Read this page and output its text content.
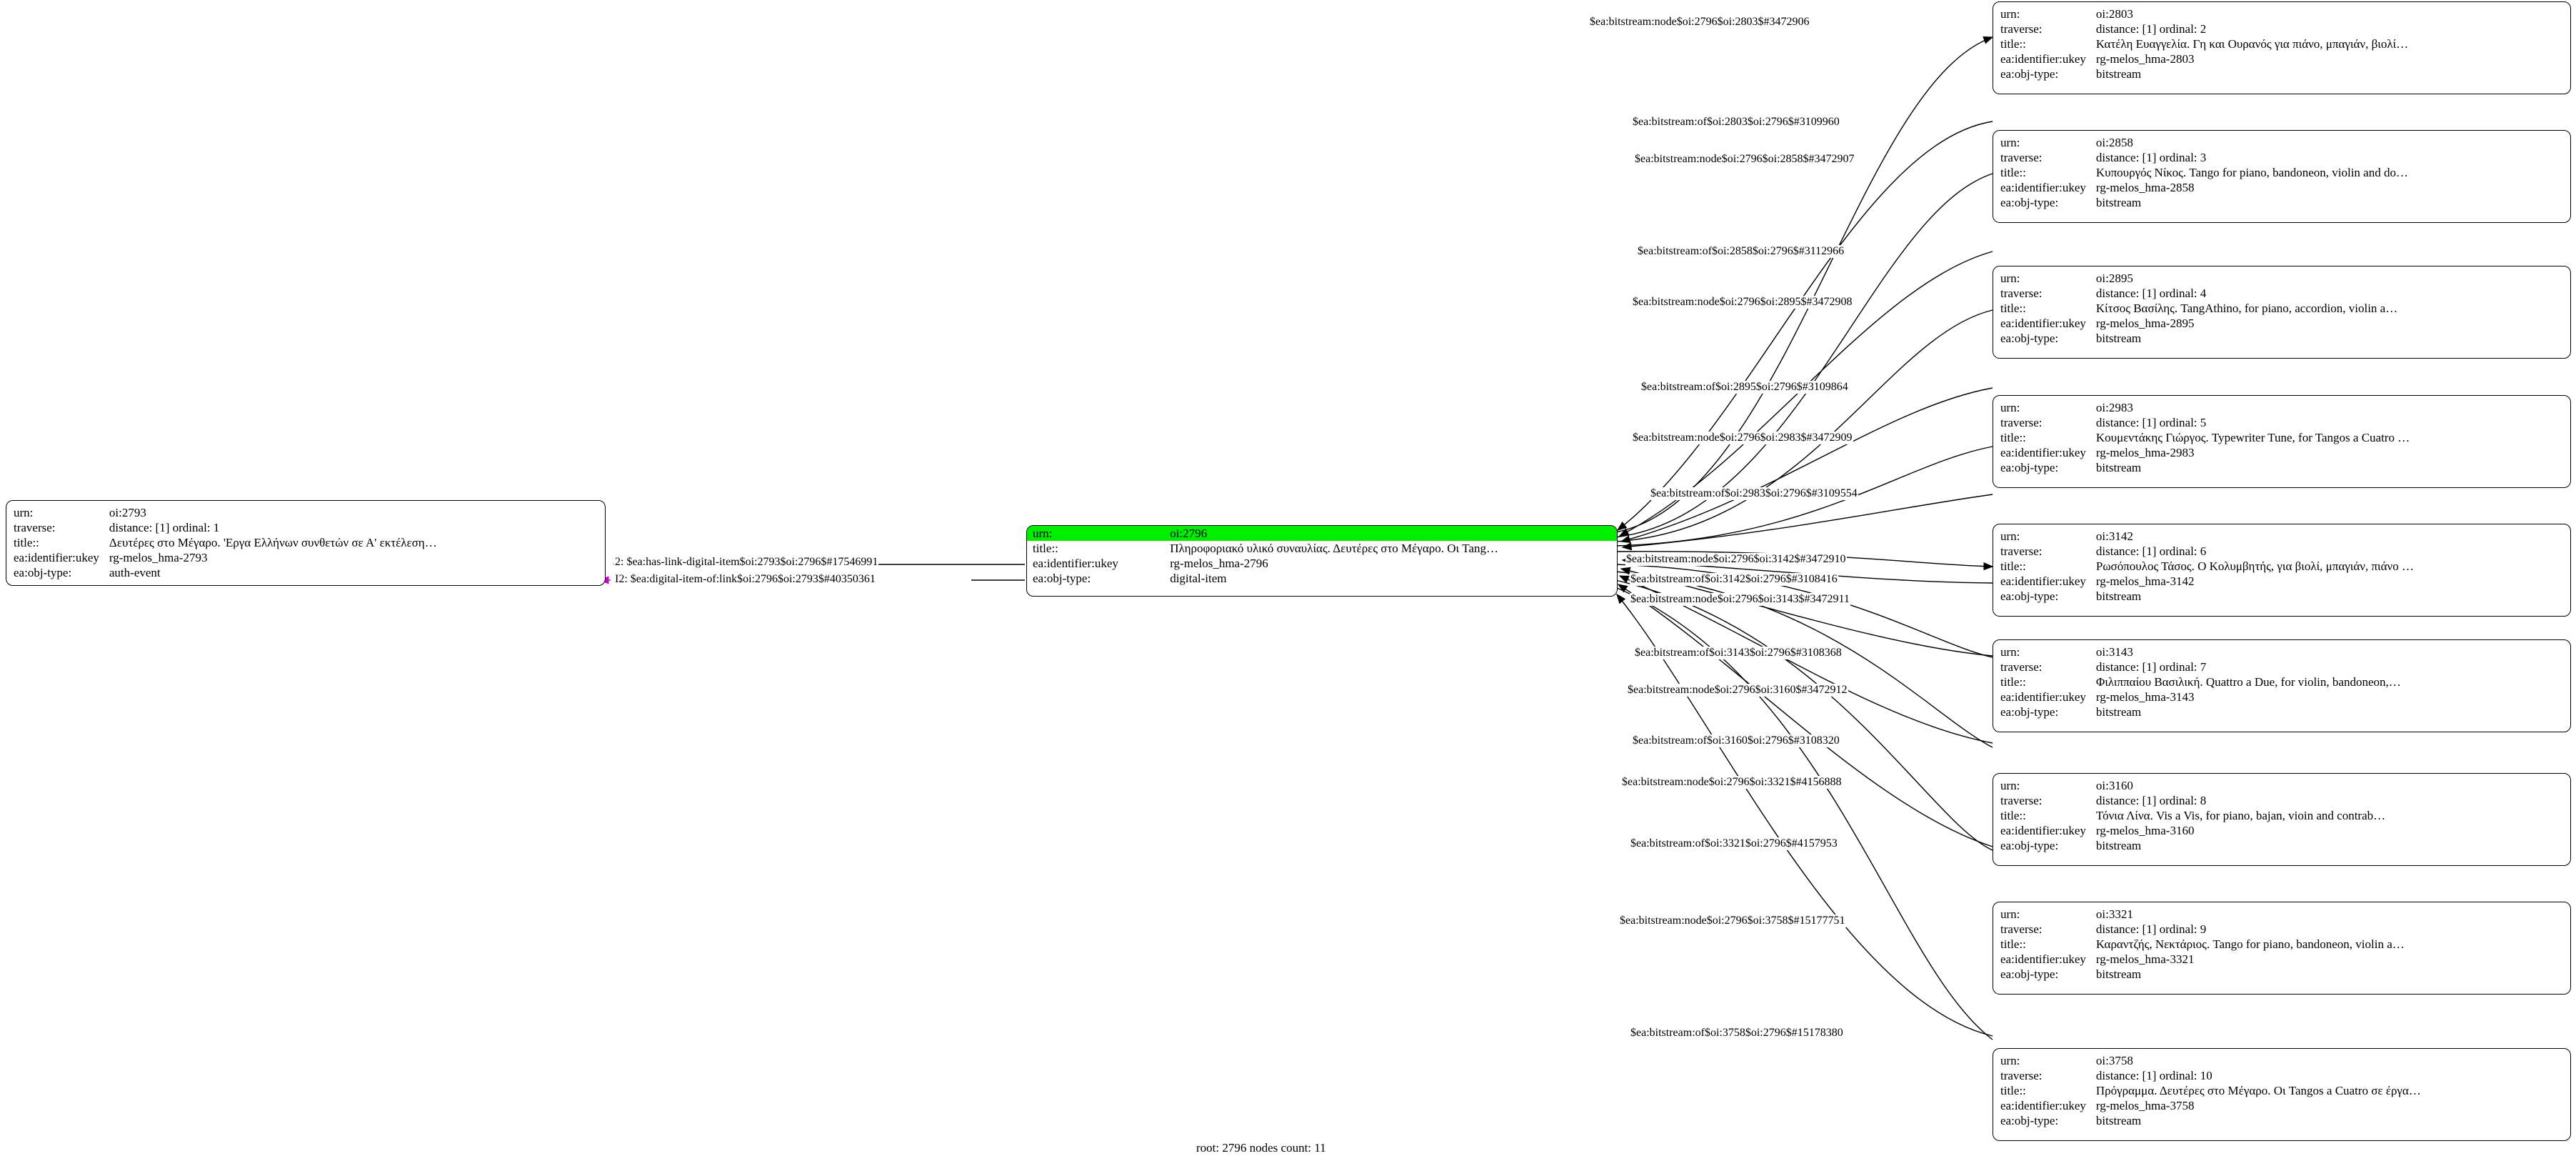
urn:	oi:2793
traverse:	distance: [1] ordinal: 1
title::	Δευτέρες στο Μέγαρο. 'Εργα Ελλήνων συνθετών σε Α' εκτέλεση…
ea:identifier:ukey	rg-melos_hma-2793
ea:obj-type:	auth-event
urn:	oi:2796
title::	Πληροφοριακό υλικό συναυλίας. Δευτέρες στο Μέγαρο. Οι Tang…
ea:identifier:ukey	rg-melos_hma-2796
ea:obj-type:	digital-item
urn:	oi:2803
traverse:	distance: [1] ordinal: 2
title::	Κατέλη Ευαγγελία. Γη και Ουρανός για πιάνο, μπαγιάν, βιολί…
ea:identifier:ukey	rg-melos_hma-2803
ea:obj-type:	bitstream
urn:	oi:2858
traverse:	distance: [1] ordinal: 3
title::	Κυπουργός Νίκος. Tango for piano, bandoneon, violin and do…
ea:identifier:ukey	rg-melos_hma-2858
ea:obj-type:	bitstream
urn:	oi:2895
traverse:	distance: [1] ordinal: 4
title::	Κίτσος Βασίλης. TangAthino, for piano, accordion, violin a…
ea:identifier:ukey	rg-melos_hma-2895
ea:obj-type:	bitstream
urn:	oi:2983
traverse:	distance: [1] ordinal: 5
title::	Κουμεντάκης Γιώργος. Typewriter Tune, for Tangos a Cuatro …
ea:identifier:ukey	rg-melos_hma-2983
ea:obj-type:	bitstream
urn:	oi:3142
traverse:	distance: [1] ordinal: 6
title::	Ρωσόπουλος Τάσος. Ο Κολυμβητής, για βιολί, μπαγιάν, πιάνο …
ea:identifier:ukey	rg-melos_hma-3142
ea:obj-type:	bitstream
urn:	oi:3143
traverse:	distance: [1] ordinal: 7
title::	Φιλιππαίου Βασιλική. Quattro a Due, for violin, bandoneon,…
ea:identifier:ukey	rg-melos_hma-3143
ea:obj-type:	bitstream
urn:	oi:3160
traverse:	distance: [1] ordinal: 8
title::	Τόνια Λίνα. Vis a Vis, for piano, bajan, vioin and contrab…
ea:identifier:ukey	rg-melos_hma-3160
ea:obj-type:	bitstream
urn:	oi:3321
traverse:	distance: [1] ordinal: 9
title::	Καραντζής, Νεκτάριος. Tango for piano, bandoneon, violin a…
ea:identifier:ukey	rg-melos_hma-3321
ea:obj-type:	bitstream
urn:	oi:3758
traverse:	distance: [1] ordinal: 10
title::	Πρόγραμμα. Δευτέρες στο Μέγαρο. Οι Tangos a Cuatro σε έργα…
ea:identifier:ukey	rg-melos_hma-3758
ea:obj-type:	bitstream
2: $ea:has-link-digital-item$oi:2793$oi:2796$#17546991
I2: $ea:digital-item-of:link$oi:2796$oi:2793$#40350361
$ea:bitstream:node$oi:2796$oi:2803$#3472906
$ea:bitstream:of$oi:2803$oi:2796$#3109960
$ea:bitstream:node$oi:2796$oi:2858$#3472907
$ea:bitstream:of$oi:2858$oi:2796$#3112966
$ea:bitstream:node$oi:2796$oi:2895$#3472908
$ea:bitstream:of$oi:2895$oi:2796$#3109864
$ea:bitstream:node$oi:2796$oi:2983$#3472909
$ea:bitstream:of$oi:2983$oi:2796$#3109554
$ea:bitstream:node$oi:2796$oi:3142$#3472910
$ea:bitstream:of$oi:3142$oi:2796$#3108416
$ea:bitstream:node$oi:2796$oi:3143$#3472911
$ea:bitstream:of$oi:3143$oi:2796$#3108368
$ea:bitstream:node$oi:2796$oi:3160$#3472912
$ea:bitstream:of$oi:3160$oi:2796$#3108320
$ea:bitstream:node$oi:2796$oi:3321$#4156888
$ea:bitstream:of$oi:3321$oi:2796$#4157953
$ea:bitstream:node$oi:2796$oi:3758$#15177751
$ea:bitstream:of$oi:3758$oi:2796$#15178380
root: 2796 nodes count: 11
